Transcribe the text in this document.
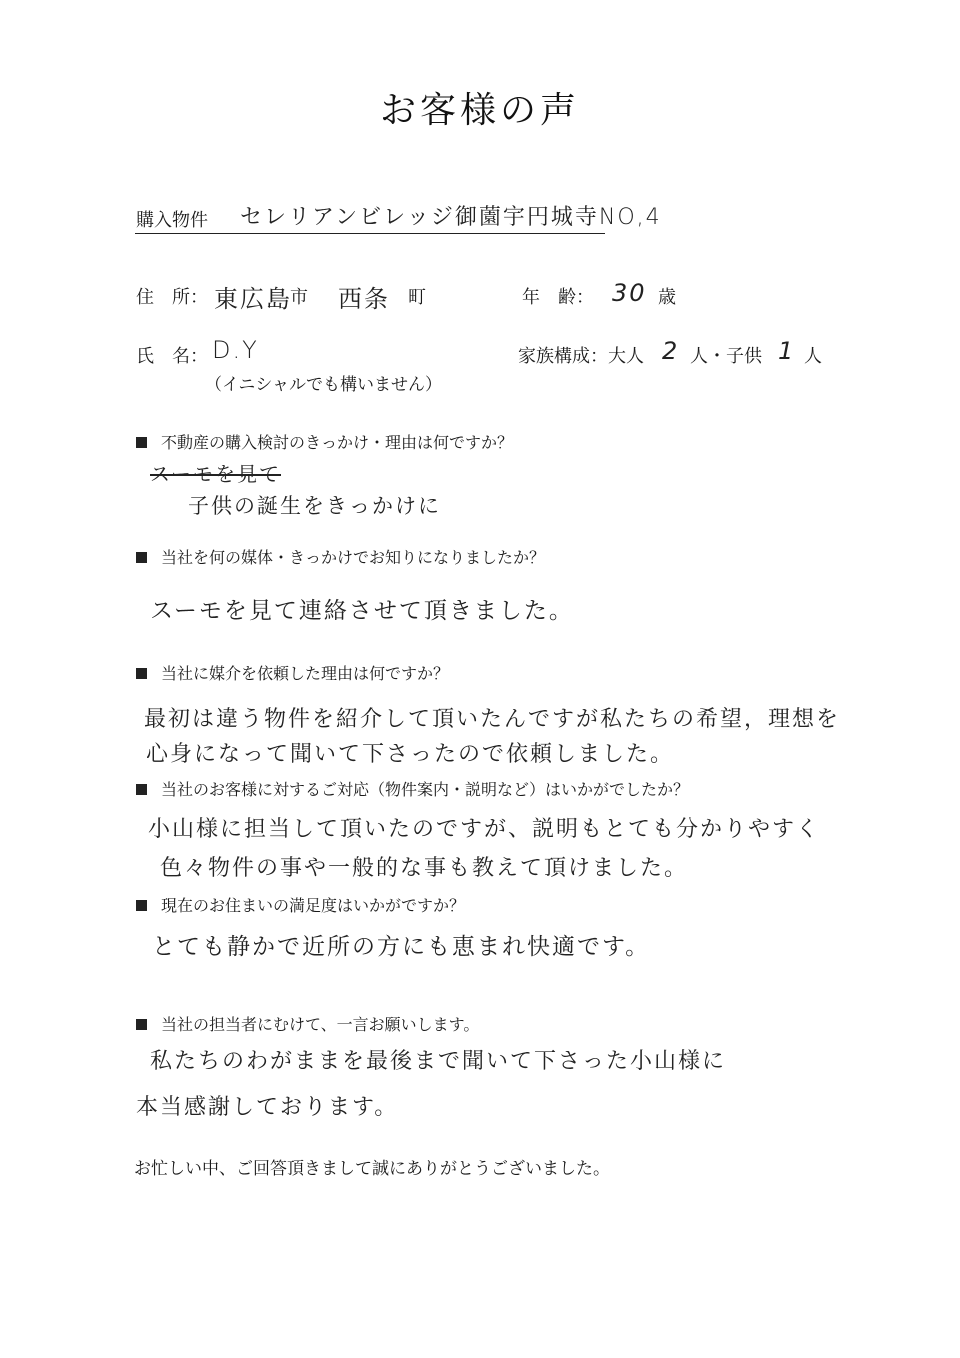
お客様の声
購入物件 セレリアンビレッジ御薗宇円城寺NO,4
住　所： 東広島
市 西条 町	年　齢： 30 歳
氏　名： D.Y
（イニシャルでも構いません）
家族構成：大人 2 人・子供 1 人
不動産の購入検討のきっかけ・理由は何ですか？
スーモを見て
子供の誕生をきっかけに
当社を何の媒体・きっかけでお知りになりましたか？
スーモを見て連絡させて頂きました。
当社に媒介を依頼した理由は何ですか？
最初は違う物件を紹介して頂いたんですが私たちの希望，理想を
心身になって聞いて下さったので依頼しました。
当社のお客様に対するご対応（物件案内・説明など）はいかがでしたか？
小山様に担当して頂いたのですが、説明もとても分かりやすく
色々物件の事や一般的な事も教えて頂けました。
現在のお住まいの満足度はいかがですか？
とても静かで近所の方にも恵まれ快適です。
当社の担当者にむけて、一言お願いします。
私たちのわがままを最後まで聞いて下さった小山様に
本当感謝しております。
お忙しい中、ご回答頂きまして誠にありがとうございました。
